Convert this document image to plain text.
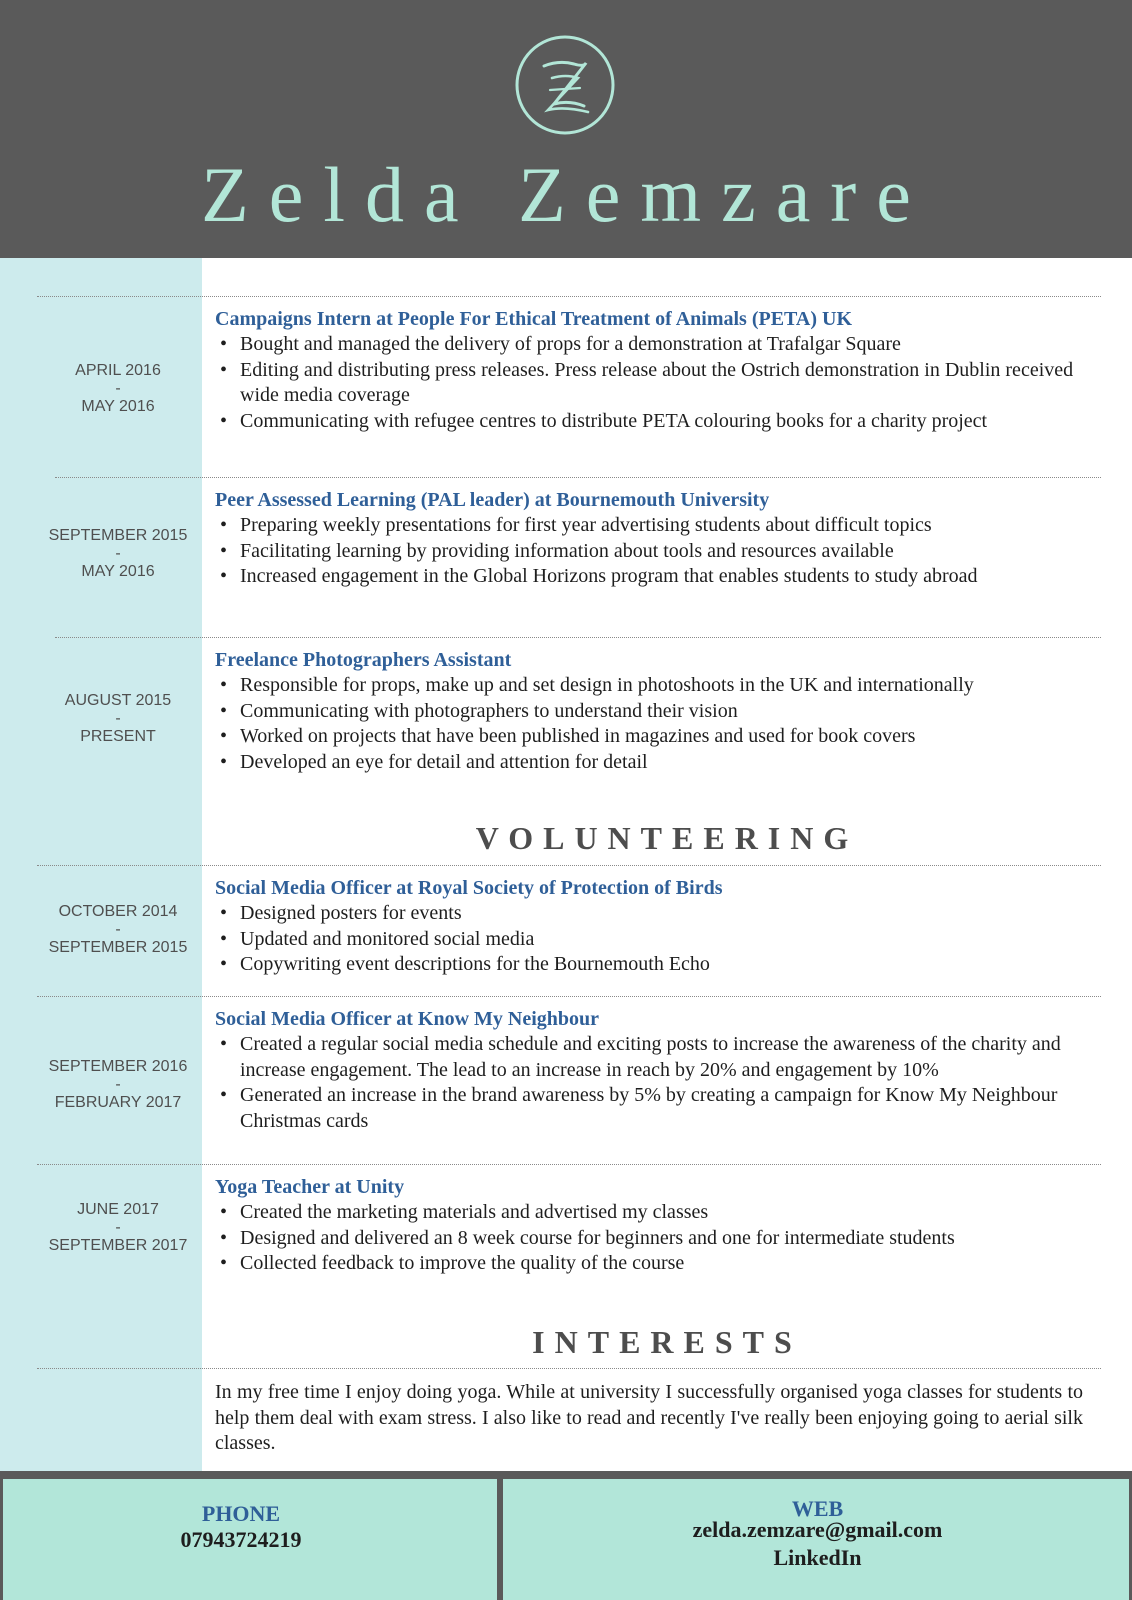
Zelda Zemzare
APRIL 2016
-
MAY 2016
Campaigns Intern at People For Ethical Treatment of Animals (PETA) UK
• Bought and managed the delivery of props for a demonstration at Trafalgar Square
• Editing and distributing press releases. Press release about the Ostrich demonstration in Dublin received wide media coverage
• Communicating with refugee centres to distribute PETA colouring books for a charity project
SEPTEMBER 2015
-
MAY 2016
Peer Assessed Learning (PAL leader) at Bournemouth University
• Preparing weekly presentations for first year advertising students about difficult topics
• Facilitating learning by providing information about tools and resources available
• Increased engagement in the Global Horizons program that enables students to study abroad
AUGUST 2015
-
PRESENT
Freelance Photographers Assistant
• Responsible for props, make up and set design in photoshoots in the UK and internationally
• Communicating with photographers to understand their vision
• Worked on projects that have been published in magazines and used for book covers
• Developed an eye for detail and attention for detail
VOLUNTEERING
OCTOBER 2014
-
SEPTEMBER 2015
Social Media Officer at Royal Society of Protection of Birds
• Designed posters for events
• Updated and monitored social media
• Copywriting event descriptions for the Bournemouth Echo
SEPTEMBER 2016
-
FEBRUARY 2017
Social Media Officer at Know My Neighbour
• Created a regular social media schedule and exciting posts to increase the awareness of the charity and increase engagement. The lead to an increase in reach by 20% and engagement by 10%
• Generated an increase in the brand awareness by 5% by creating a campaign for Know My Neighbour Christmas cards
JUNE 2017
-
SEPTEMBER 2017
Yoga Teacher at Unity
• Created the marketing materials and advertised my classes
• Designed and delivered an 8 week course for beginners and one for intermediate students
• Collected feedback to improve the quality of the course
INTERESTS
In my free time I enjoy doing yoga. While at university I successfully organised yoga classes for students to help them deal with exam stress. I also like to read and recently I've really been enjoying going to aerial silk classes.
PHONE
07943724219
WEB
zelda.zemzare@gmail.com
LinkedIn
